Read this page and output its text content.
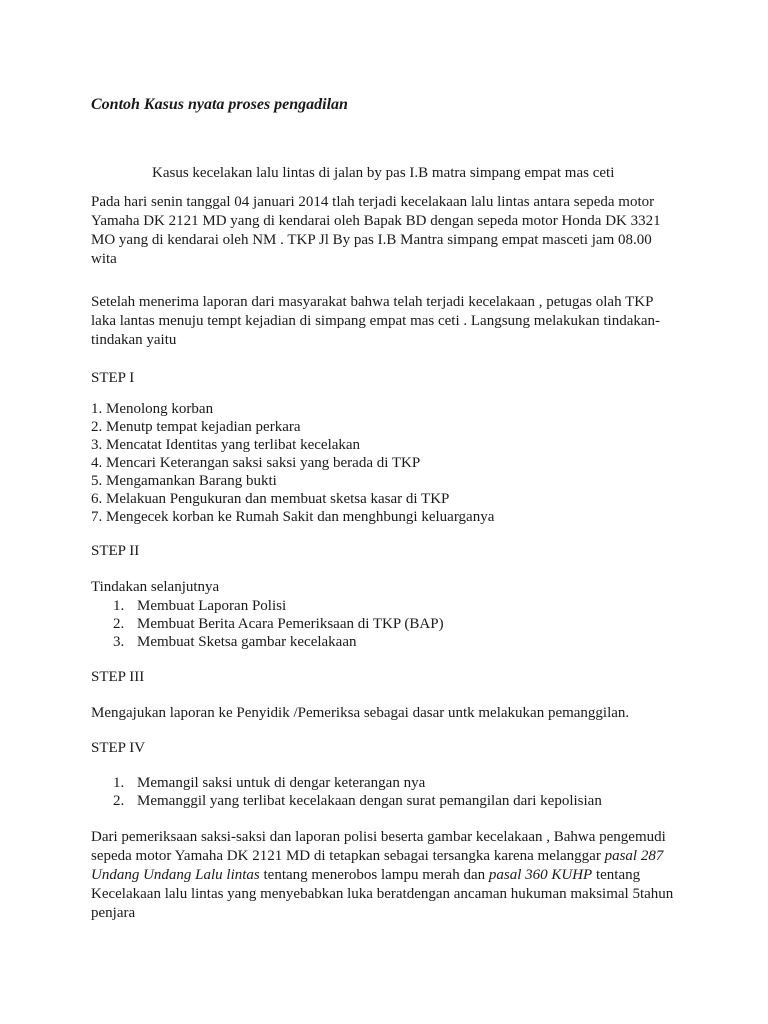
Contoh Kasus nyata proses pengadilan
Kasus kecelakan lalu lintas di jalan by pas I.B matra simpang empat mas ceti

Pada hari senin tanggal 04 januari 2014 tlah terjadi kecelakaan lalu lintas antara sepeda motor
Yamaha DK 2121 MD yang di kendarai oleh Bapak BD dengan sepeda motor Honda DK 3321
MO yang di kendarai oleh NM . TKP Jl By pas I.B Mantra simpang empat masceti jam 08.00
wita

Setelah menerima laporan dari masyarakat bahwa telah terjadi kecelakaan , petugas olah TKP
laka lantas menuju tempt kejadian di simpang empat mas ceti . Langsung melakukan tindakan-
tindakan yaitu

STEP I
1. Menolong korban
2. Menutp tempat kejadian perkara
3. Mencatat Identitas yang terlibat kecelakan
4. Mencari Keterangan saksi saksi yang berada di TKP
5. Mengamankan Barang bukti
6. Melakuan Pengukuran dan membuat sketsa kasar di TKP
7. Mengecek korban ke Rumah Sakit dan menghbungi keluarganya
STEP II
Tindakan selanjutnya
1. Membuat Laporan Polisi
2. Membuat Berita Acara Pemeriksaan di TKP (BAP)
3. Membuat Sketsa gambar kecelakaan
STEP III
Mengajukan laporan ke Penyidik /Pemeriksa sebagai dasar untk melakukan pemanggilan.
STEP IV
1. Memangil saksi untuk di dengar keterangan nya
2. Memanggil yang terlibat kecelakaan dengan surat pemangilan dari kepolisian

Dari pemeriksaan saksi-saksi dan laporan polisi beserta gambar kecelakaan , Bahwa pengemudi
sepeda motor Yamaha DK 2121 MD di tetapkan sebagai tersangka karena melanggar pasal 287
Undang Undang Lalu lintas tentang menerobos lampu merah dan pasal 360 KUHP tentang
Kecelakaan lalu lintas yang menyebabkan luka beratdengan ancaman hukuman maksimal 5tahun
penjara
